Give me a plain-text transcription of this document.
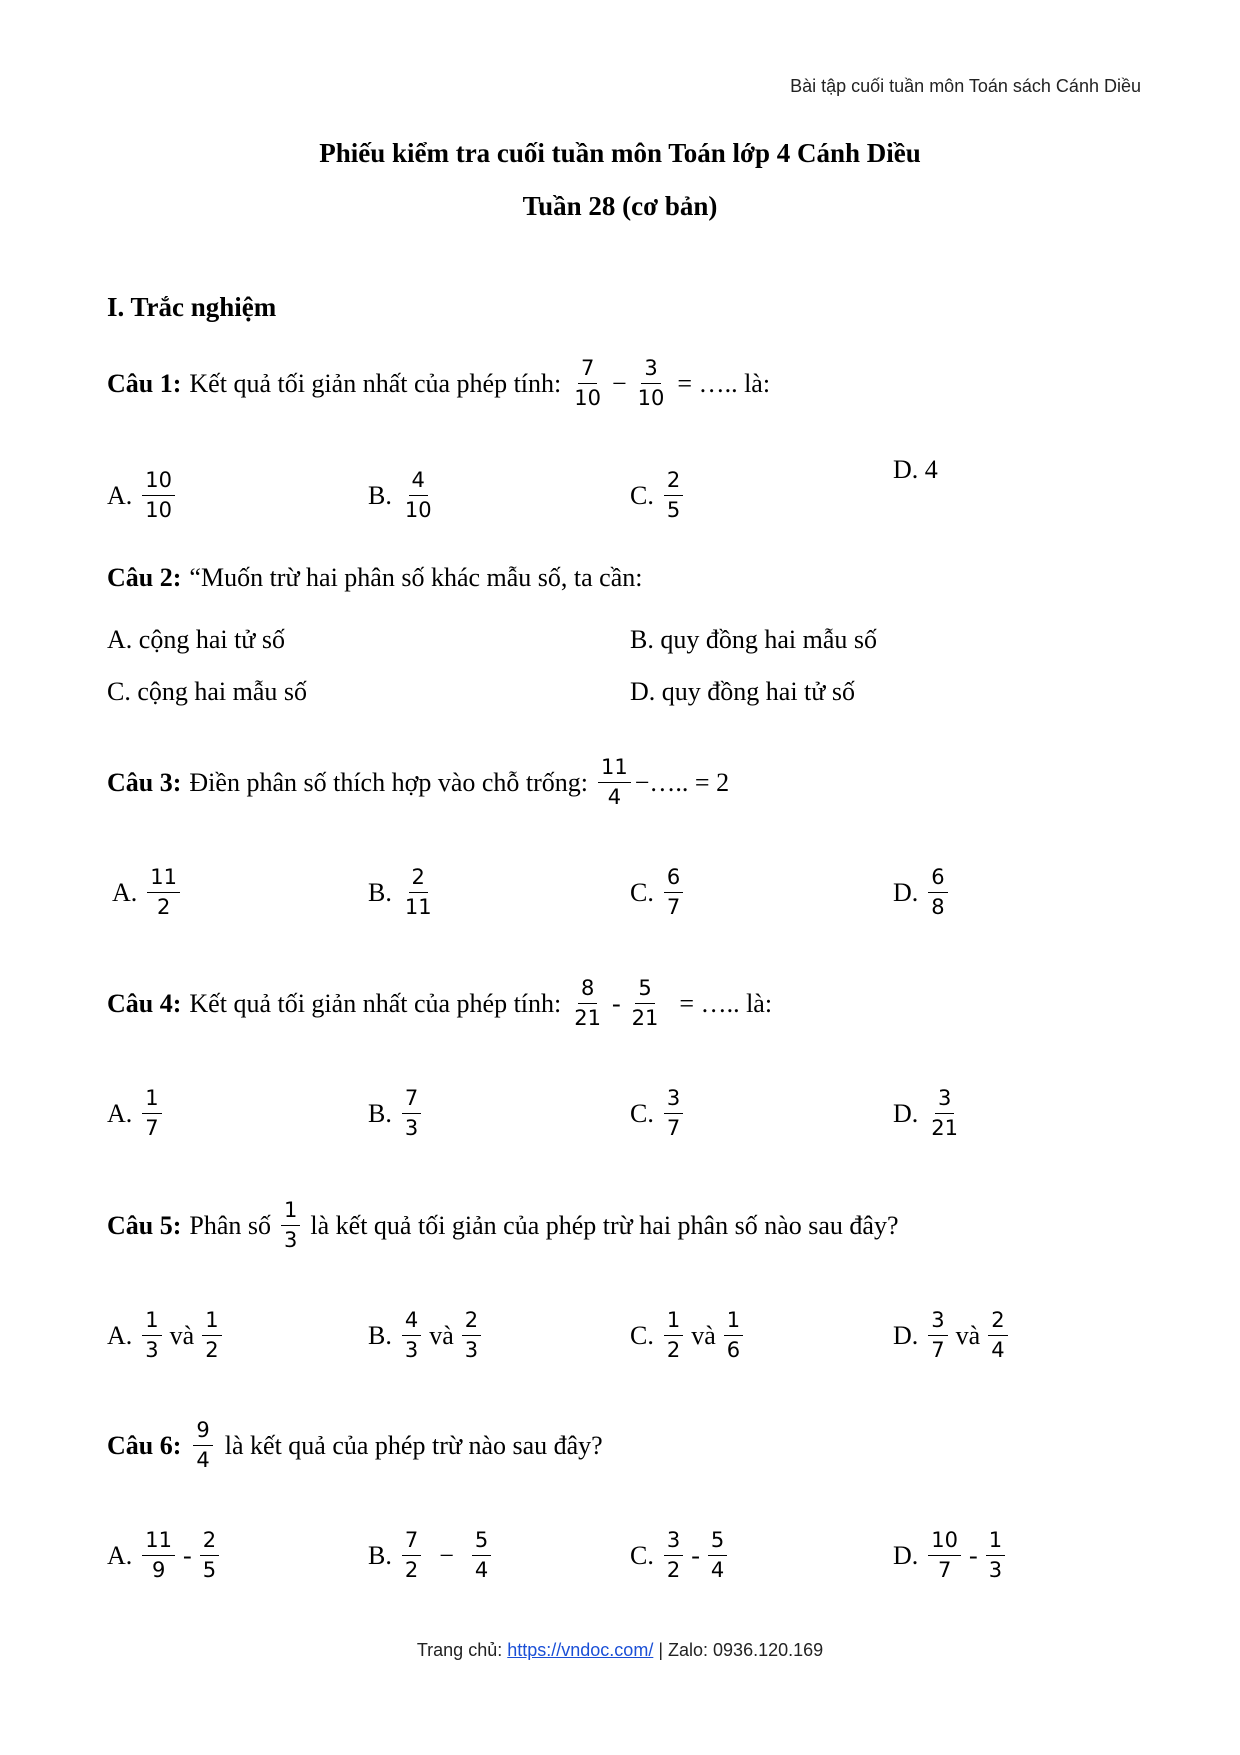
Bài tập cuối tuần môn Toán sách Cánh Diều
Phiếu kiểm tra cuối tuần môn Toán lớp 4 Cánh Diều
Tuần 28 (cơ bản)
I. Trắc nghiệm
Câu 1: Kết quả tối giản nhất của phép tính: $\frac{7}{10} - \frac{3}{10}$ = ….. là:
A. $\frac{10}{10}$	B. $\frac{4}{10}$	C. $\frac{2}{5}$
D. 4
Câu 2: “Muốn trừ hai phân số khác mẫu số, ta cần:
A. cộng hai tử số	B. quy đồng hai mẫu số
C. cộng hai mẫu số	D. quy đồng hai tử số
Câu 3: Điền phân số thích hợp vào chỗ trống: $\frac{11}{4}$ −….. = 2
A. $\frac{11}{2}$	B. $\frac{2}{11}$	C. $\frac{6}{7}$	D. $\frac{6}{8}$
Câu 4: Kết quả tối giản nhất của phép tính: $\frac{8}{21} - \frac{5}{21}$ = ….. là:
A. $\frac{1}{7}$	B. $\frac{7}{3}$	C. $\frac{3}{7}$	D. $\frac{3}{21}$
Câu 5: Phân số $\frac{1}{3}$ là kết quả tối giản của phép trừ hai phân số nào sau đây?
A. $\frac{1}{3}$ và $\frac{1}{2}$	B. $\frac{4}{3}$ và $\frac{2}{3}$	C. $\frac{1}{2}$ và $\frac{1}{6}$	D. $\frac{3}{7}$ và $\frac{2}{4}$
Câu 6: $\frac{9}{4}$ là kết quả của phép trừ nào sau đây?
A. $\frac{11}{9} - \frac{2}{5}$	B. $\frac{7}{2} - \frac{5}{4}$	C. $\frac{3}{2} - \frac{5}{4}$	D. $\frac{10}{7} - \frac{1}{3}$
Trang chủ: https://vndoc.com/ | Zalo: 0936.120.169
